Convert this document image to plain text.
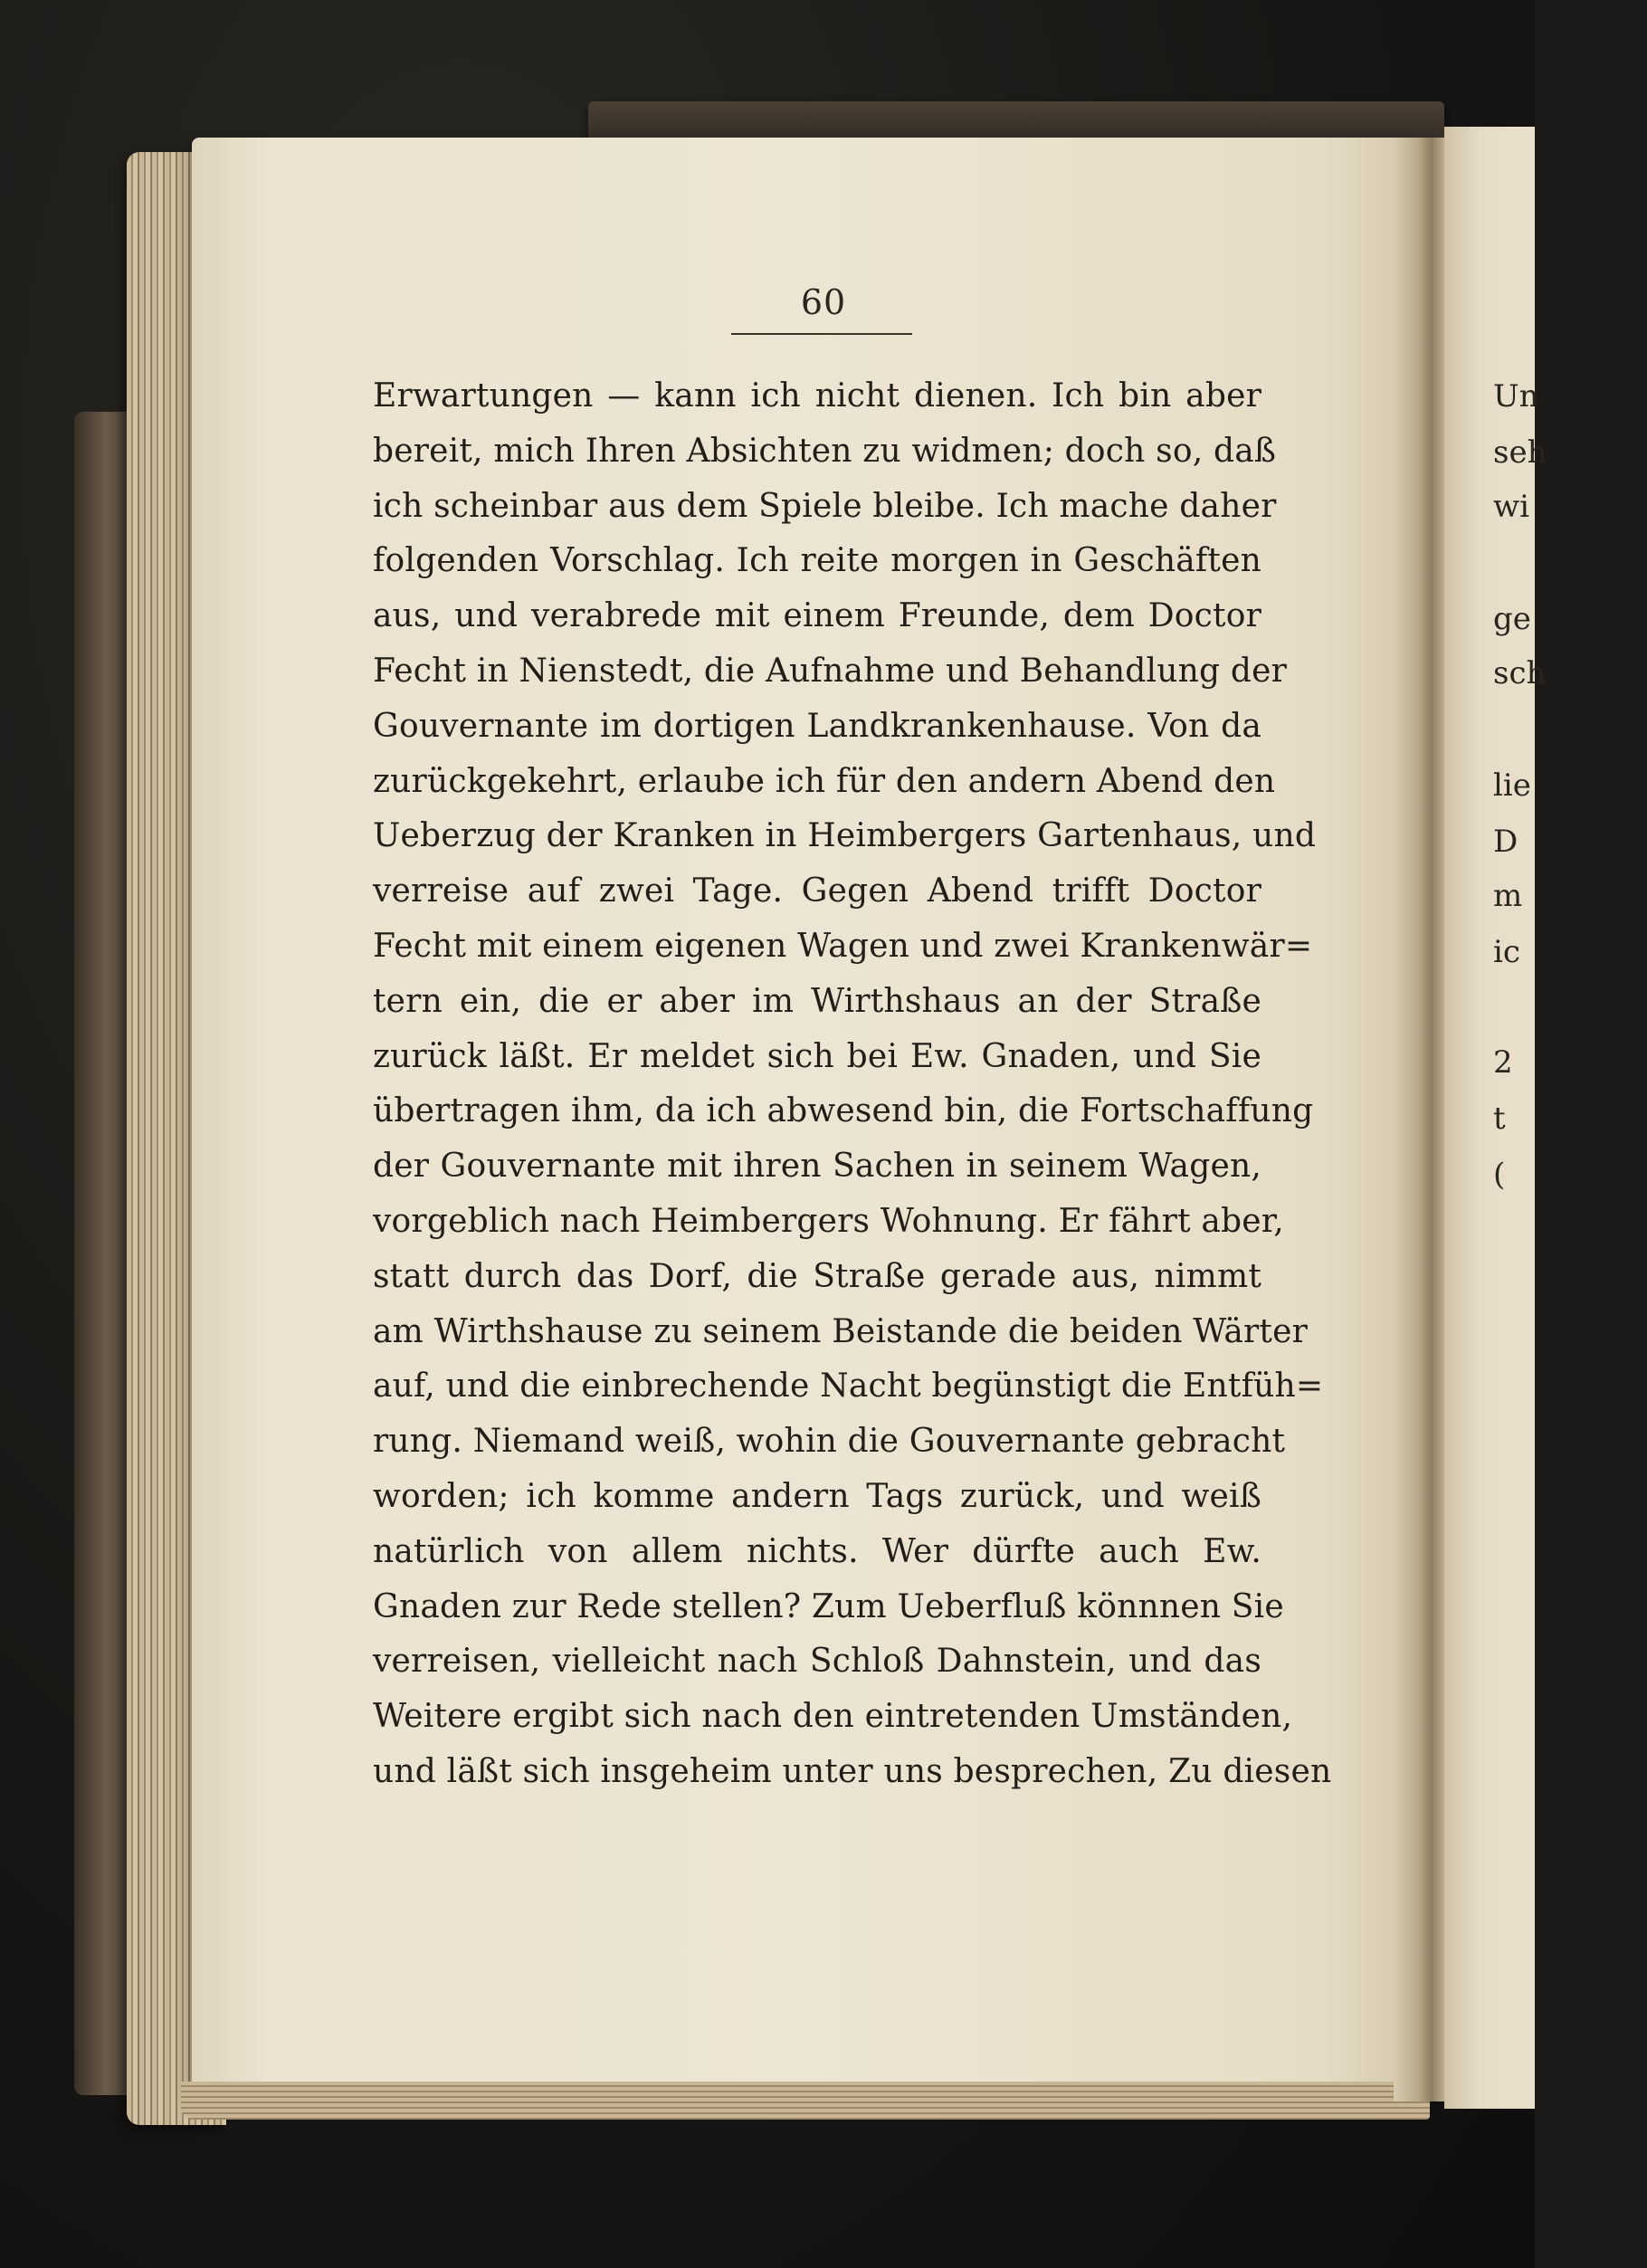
Un
seh
wi
ge
sch
lie
D
m
ic
2
t
(
60
Erwartungen — kann ich nicht dienen. Ich bin aber
bereit, mich Ihren Absichten zu widmen; doch so, daß
ich scheinbar aus dem Spiele bleibe. Ich mache daher
folgenden Vorschlag. Ich reite morgen in Geschäften
aus, und verabrede mit einem Freunde, dem Doctor
Fecht in Nienstedt, die Aufnahme und Behandlung der
Gouvernante im dortigen Landkrankenhause. Von da
zurückgekehrt, erlaube ich für den andern Abend den
Ueberzug der Kranken in Heimbergers Gartenhaus, und
verreise auf zwei Tage. Gegen Abend trifft Doctor
Fecht mit einem eigenen Wagen und zwei Krankenwär=
tern ein, die er aber im Wirthshaus an der Straße
zurück läßt. Er meldet sich bei Ew. Gnaden, und Sie
übertragen ihm, da ich abwesend bin, die Fortschaffung
der Gouvernante mit ihren Sachen in seinem Wagen,
vorgeblich nach Heimbergers Wohnung. Er fährt aber,
statt durch das Dorf, die Straße gerade aus, nimmt
am Wirthshause zu seinem Beistande die beiden Wärter
auf, und die einbrechende Nacht begünstigt die Entfüh=
rung. Niemand weiß, wohin die Gouvernante gebracht
worden; ich komme andern Tags zurück, und weiß
natürlich von allem nichts. Wer dürfte auch Ew.
Gnaden zur Rede stellen? Zum Ueberfluß könnnen Sie
verreisen, vielleicht nach Schloß Dahnstein, und das
Weitere ergibt sich nach den eintretenden Umständen,
und läßt sich insgeheim unter uns besprechen, Zu diesen
